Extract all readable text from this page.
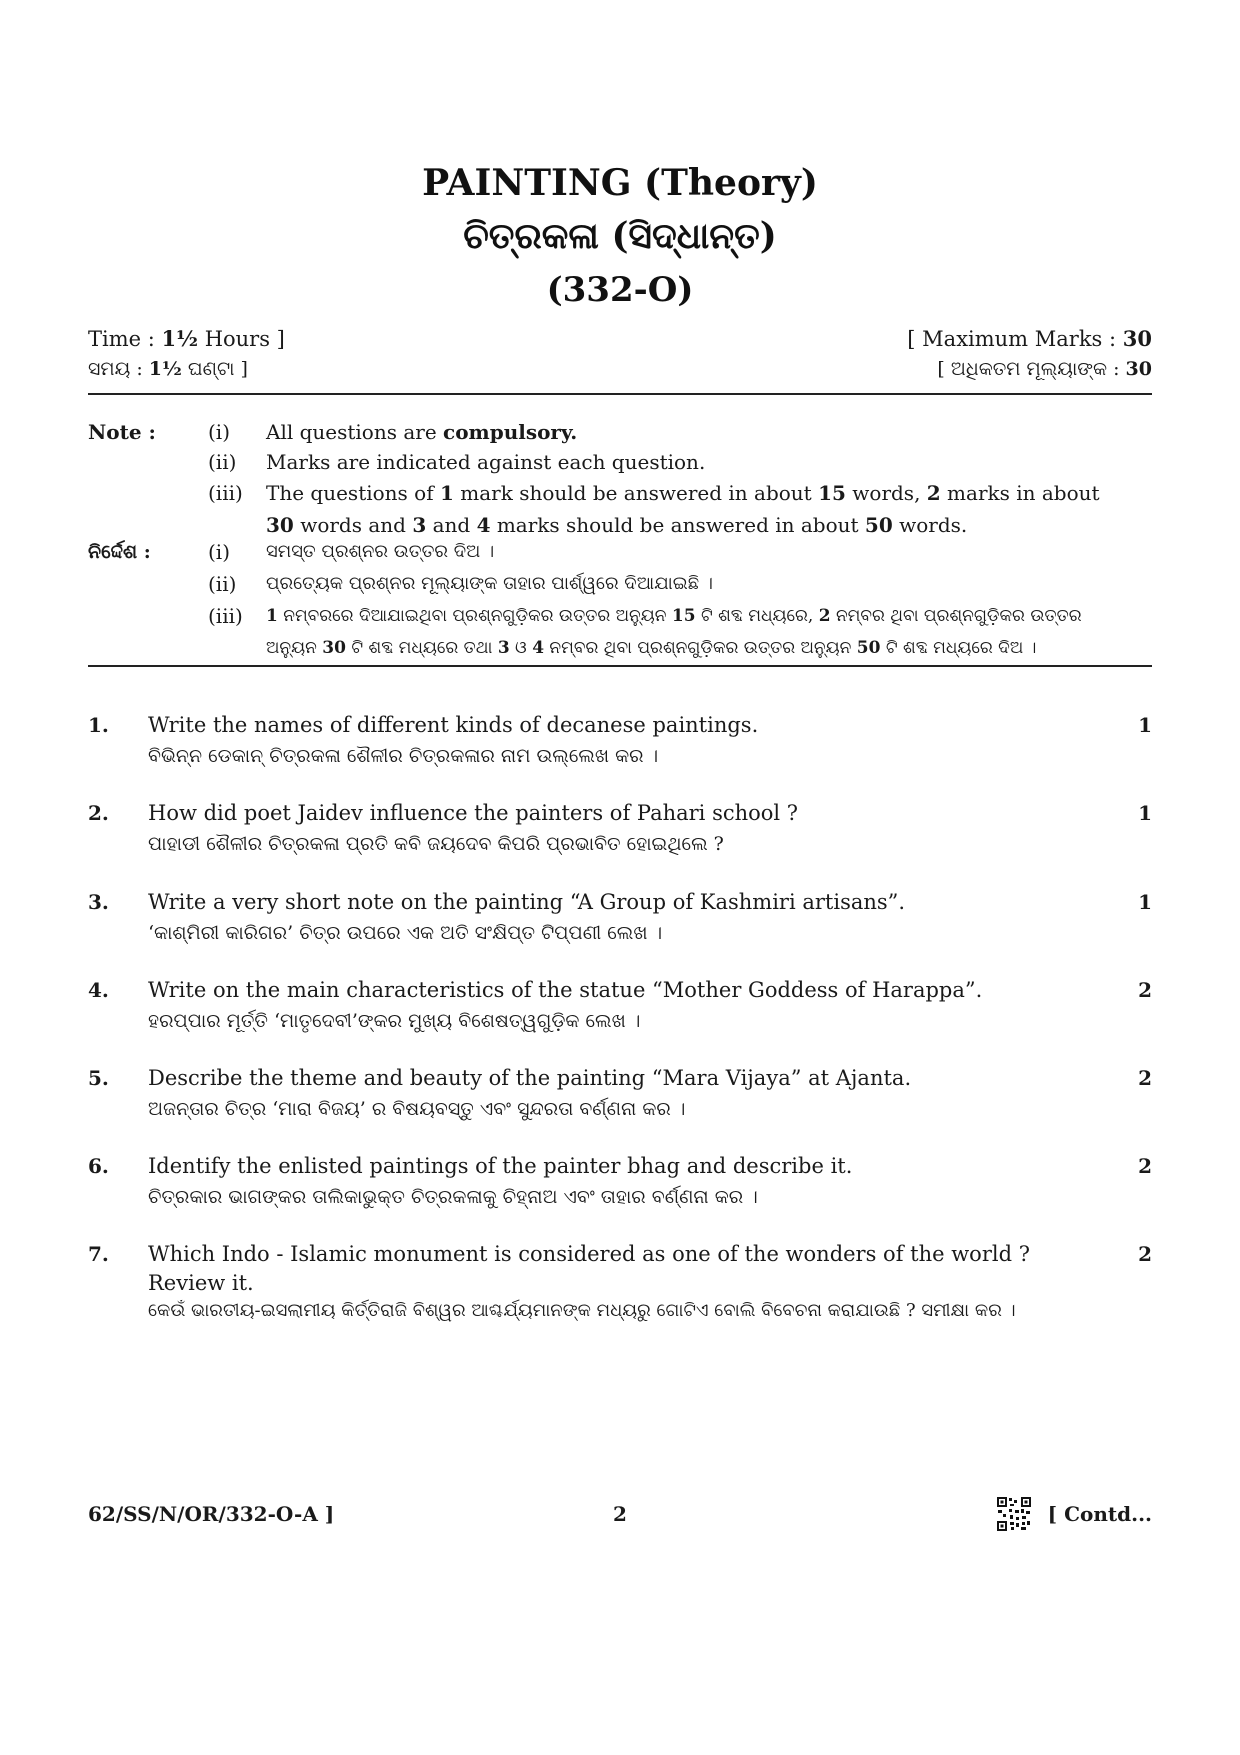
PAINTING (Theory)
ଚିତ୍ରକଳା (ସିଦ୍ଧାନ୍ତ)
(332-O)
Time : 1½ Hours ]	[ Maximum Marks : 30
ସମୟ : 1½ ଘଣ୍ଟା ]	[ ଅଧିକତମ ମୂଲ୍ୟାଙ୍କ : 30
Note :	(i) All questions are compulsory.
(ii) Marks are indicated against each question.
(iii) The questions of 1 mark should be answered in about 15 words, 2 marks in about
30 words and 3 and 4 marks should be answered in about 50 words.
ନିର୍ଦ୍ଦେଶ :	(i) ସମସ୍ତ ପ୍ରଶ୍ନର ଉତ୍ତର ଦିଅ ।
(ii) ପ୍ରତ୍ୟେକ ପ୍ରଶ୍ନର ମୂଲ୍ୟାଙ୍କ ତାହାର ପାର୍ଶ୍ୱରେ ଦିଆଯାଇଛି ।
(iii) 1 ନମ୍ବରରେ ଦିଆଯାଇଥିବା ପ୍ରଶ୍ନଗୁଡ଼ିକର ଉତ୍ତର ଅନ୍ୟୁନ 15 ଟି ଶବ୍ଦ ମଧ୍ୟରେ, 2 ନମ୍ବର ଥିବା ପ୍ରଶ୍ନଗୁଡ଼ିକର ଉତ୍ତର
ଅନ୍ୟୁନ 30 ଟି ଶବ୍ଦ ମଧ୍ୟରେ ତଥା 3 ଓ 4 ନମ୍ବର ଥିବା ପ୍ରଶ୍ନଗୁଡ଼ିକର ଉତ୍ତର ଅନ୍ୟୁନ 50 ଟି ଶବ୍ଦ ମଧ୍ୟରେ ଦିଅ ।
1. Write the names of different kinds of decanese paintings.
ବିଭିନ୍ନ ଡେକାନ୍ ଚିତ୍ରକଳା ଶୈଳୀର ଚିତ୍ରକଳାର ନାମ ଉଲ୍ଲେଖ କର ।
1
2. How did poet Jaidev influence the painters of Pahari school ?
ପାହାଡୀ ଶୈଳୀର ଚିତ୍ରକଳା ପ୍ରତି କବି ଜୟଦେବ କିପରି ପ୍ରଭାବିତ ହୋଇଥିଲେ ?
1
3. Write a very short note on the painting “A Group of Kashmiri artisans”.
‘କାଶ୍ମିରୀ କାରିଗର’ ଚିତ୍ର ଉପରେ ଏକ ଅତି ସଂକ୍ଷିପ୍ତ ଟିପ୍ପଣୀ ଲେଖ ।
1
4. Write on the main characteristics of the statue “Mother Goddess of Harappa”.
ହରପ୍ପାର ମୂର୍ତ୍ତି ‘ମାତୃଦେବୀ’ଙ୍କର ମୁଖ୍ୟ ବିଶେଷତ୍ୱଗୁଡ଼ିକ ଲେଖ ।
2
5. Describe the theme and beauty of the painting “Mara Vijaya” at Ajanta.
ଅଜନ୍ତାର ଚିତ୍ର ‘ମାରା ବିଜୟ’ ର ବିଷୟବସ୍ତୁ ଏବଂ ସୁନ୍ଦରତା ବର୍ଣ୍ଣନା କର ।
2
6. Identify the enlisted paintings of the painter bhag and describe it.
ଚିତ୍ରକାର ଭାଗଙ୍କର ତାଲିକାଭୁକ୍ତ ଚିତ୍ରକଳାକୁ ଚିହ୍ନାଅ ଏବଂ ତାହାର ବର୍ଣ୍ଣନା କର ।
2
7. Which Indo - Islamic monument is considered as one of the wonders of the world ? Review it.
କେଉଁ ଭାରତୀୟ-ଇସଲାମୀୟ କିର୍ତ୍ତିରାଜି ବିଶ୍ୱର ଆଶ୍ଚର୍ଯ୍ୟମାନଙ୍କ ମଧ୍ୟରୁ ଗୋଟିଏ ବୋଲି ବିବେଚନା କରାଯାଉଛି ? ସମୀକ୍ଷା କର ।
2
62/SS/N/OR/332-O-A ]	2	[ Contd...
